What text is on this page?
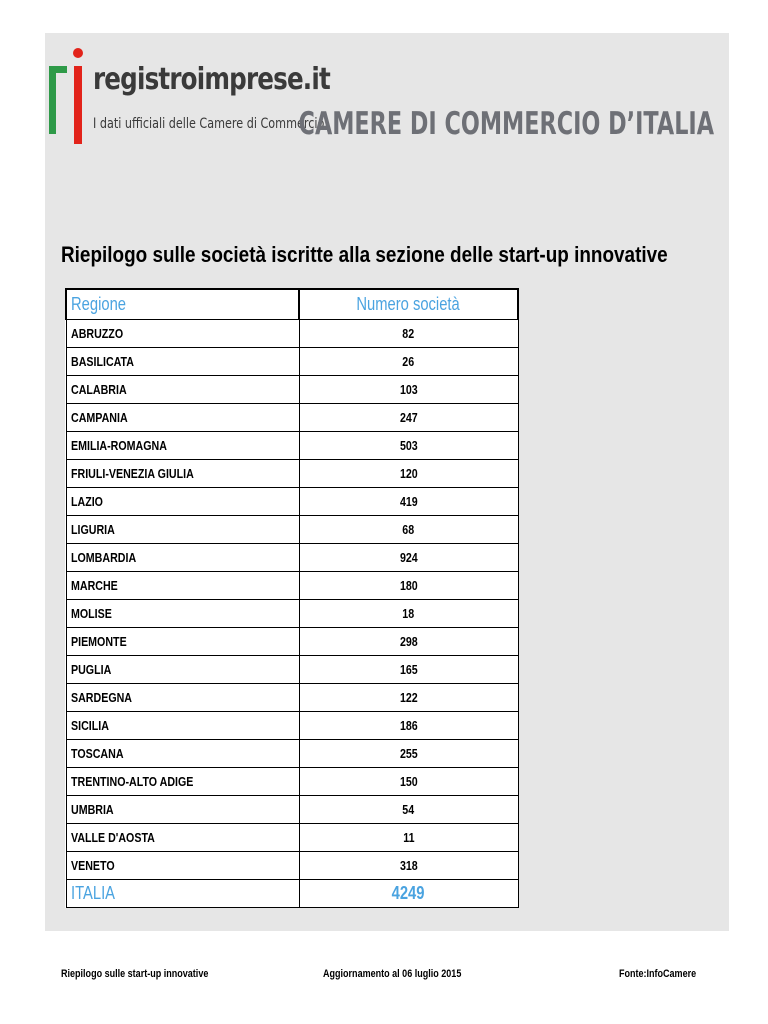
registroimprese.it

I dati ufficiali delle Camere di Commercio

CAMERE DI COMMERCIO D’ITALIA

Riepilogo sulle società iscritte alla sezione delle start-up innovative
Regione	Numero società
ABRUZZO	82
BASILICATA	26
CALABRIA	103
CAMPANIA	247
EMILIA-ROMAGNA	503
FRIULI-VENEZIA GIULIA	120
LAZIO	419
LIGURIA	68
LOMBARDIA	924
MARCHE	180
MOLISE	18
PIEMONTE	298
PUGLIA	165
SARDEGNA	122
SICILIA	186
TOSCANA	255
TRENTINO-ALTO ADIGE	150
UMBRIA	54
VALLE D'AOSTA	11
VENETO	318
ITALIA	4249

Riepilogo sulle start-up innovative	Aggiornamento al 06 luglio 2015	Fonte:InfoCamere
